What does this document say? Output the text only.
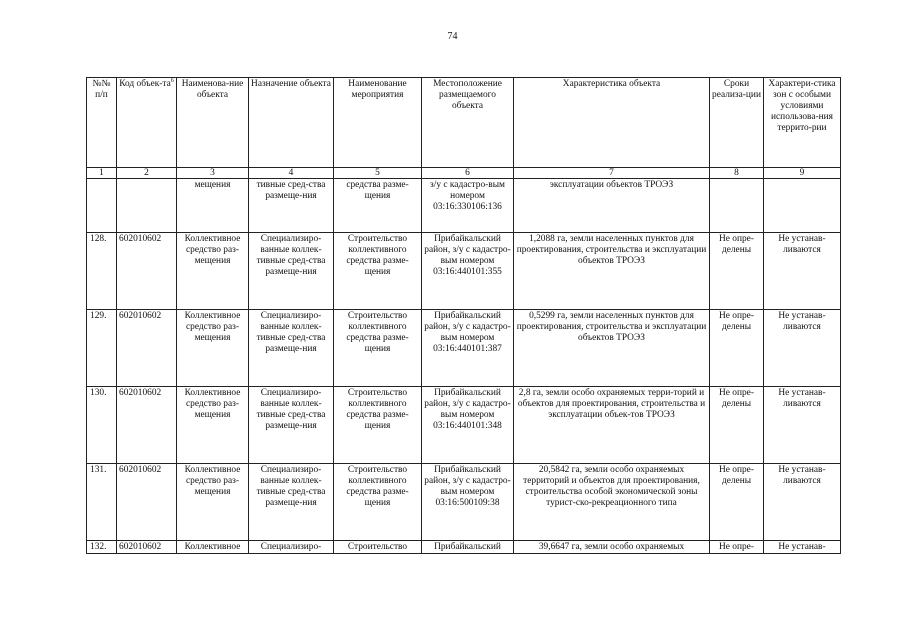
74
№№ п/п	Код объек-$та^6$	Наименова-ние объекта	Назначение объекта	Наименование мероприятия	Местоположение размещаемого объекта	Характеристика объекта	Сроки реализа-ции	Характери-стика зон с особыми условиями использова-ния террито-рии
1	2	3	4	5	6	7	8	9
		мещения	тивные сред-ства размеще-ния	средства разме-щения	з/у с кадастро-вым номером 03:16:330106:136	эксплуатации объектов ТРОЭЗ		
128.	602010602	Коллективное средство раз-мещения	Специализиро-ванные коллек-тивные сред-ства размеще-ния	Строительство коллективного средства разме-щения	Прибайкальский район, з/у с кадастро-вым номером 03:16:440101:355	1,2088 га, земли населенных пунктов для проектирования, строительства и эксплуатации объектов ТРОЭЗ	Не опре-делены	Не устанав-ливаются
129.	602010602	Коллективное средство раз-мещения	Специализиро-ванные коллек-тивные сред-ства размеще-ния	Строительство коллективного средства разме-щения	Прибайкальский район, з/у с кадастро-вым номером 03:16:440101:387	0,5299 га, земли населенных пунктов для проектирования, строительства и эксплуатации объектов ТРОЭЗ	Не опре-делены	Не устанав-ливаются
130.	602010602	Коллективное средство раз-мещения	Специализиро-ванные коллек-тивные сред-ства размеще-ния	Строительство коллективного средства разме-щения	Прибайкальский район, з/у с кадастро-вым номером 03:16:440101:348	2,8 га, земли особо охраняемых терри-торий и объектов для проектирования, строительства и эксплуатации объек-тов ТРОЭЗ	Не опре-делены	Не устанав-ливаются
131.	602010602	Коллективное средство раз-мещения	Специализиро-ванные коллек-тивные сред-ства размеще-ния	Строительство коллективного средства разме-щения	Прибайкальский район, з/у с кадастро-вым номером 03:16:500109:38	20,5842 га, земли особо охраняемых территорий и объектов для проектирования, строительства особой экономической зоны турист-ско-рекреационного типа	Не опре-делены	Не устанав-ливаются
132.	602010602	Коллективное	Специализиро-	Строительство	Прибайкальский	39,6647 га, земли особо охраняемых	Не опре-	Не устанав-
